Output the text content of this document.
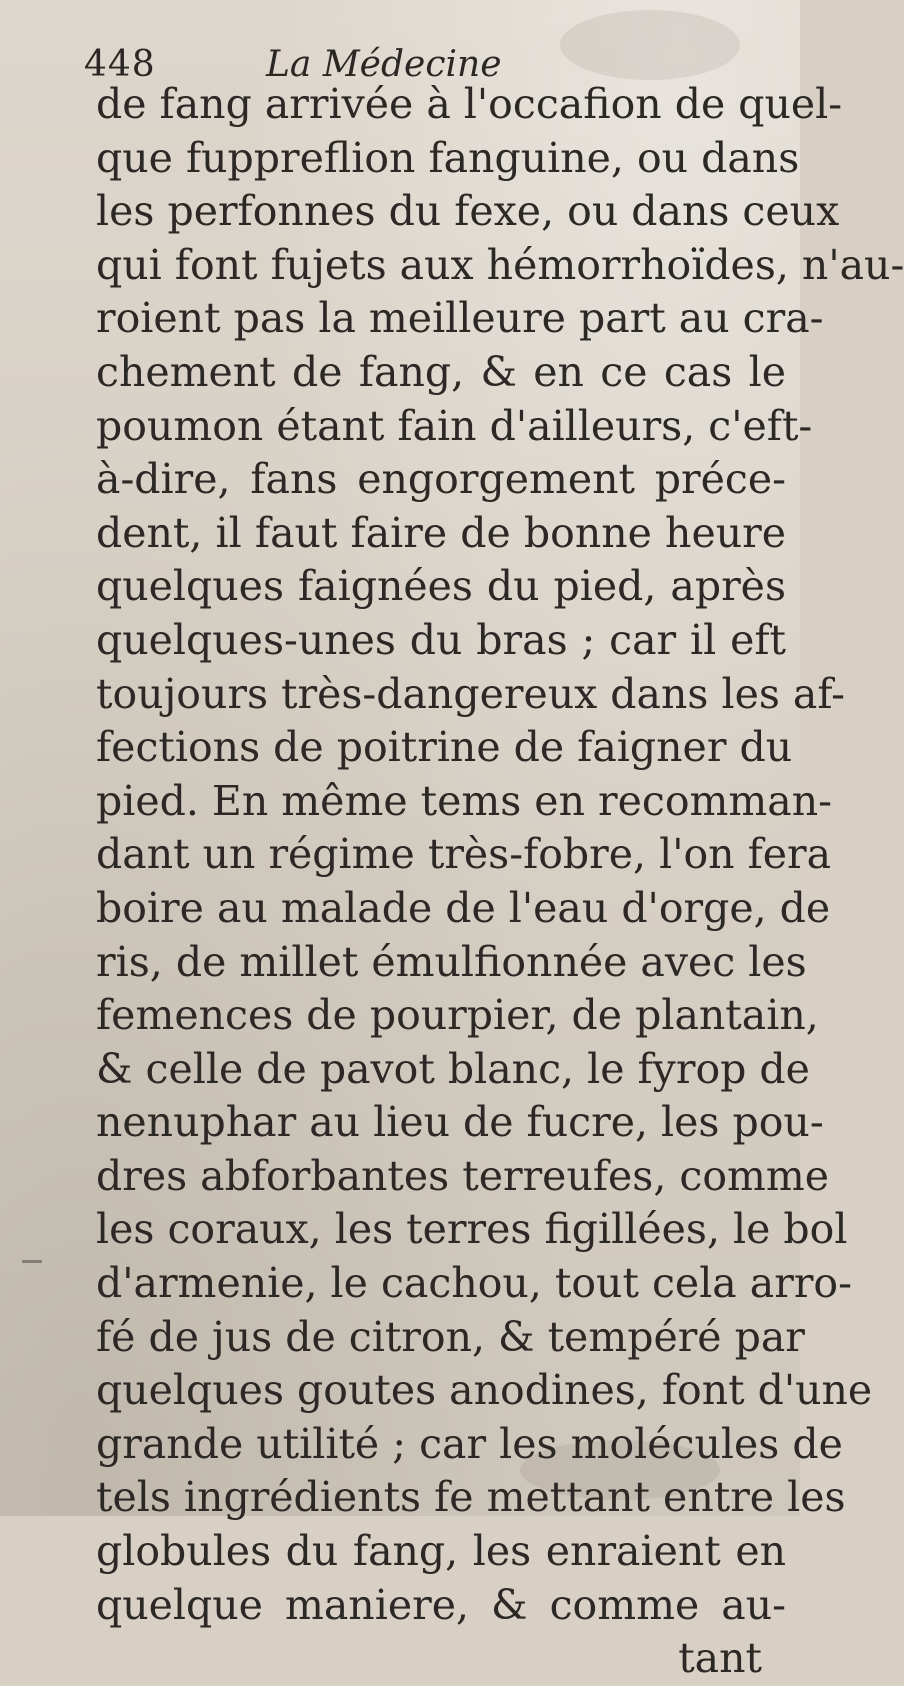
448	La Médecine
de fang arrivée à l'occafion de quel-
que fuppreflion fanguine, ou dans
les perfonnes du fexe, ou dans ceux
qui font fujets aux hémorrhoïdes, n'au-
roient pas la meilleure part au cra-
chement de fang, & en ce cas le
poumon étant fain d'ailleurs, c'eft-
à-dire, fans engorgement préce-
dent, il faut faire de bonne heure
quelques faignées du pied, après
quelques-unes du bras ; car il eft
toujours très-dangereux dans les af-
fections de poitrine de faigner du
pied. En même tems en recomman-
dant un régime très-fobre, l'on fera
boire au malade de l'eau d'orge, de
ris, de millet émulfionnée avec les
femences de pourpier, de plantain,
& celle de pavot blanc, le fyrop de
nenuphar au lieu de fucre, les pou-
dres abforbantes terreufes, comme
les coraux, les terres figillées, le bol
d'armenie, le cachou, tout cela arro-
fé de jus de citron, & tempéré par
quelques goutes anodines, font d'une
grande utilité ; car les molécules de
tels ingrédients fe mettant entre les
globules du fang, les enraient en
quelque maniere, & comme au-
tant
